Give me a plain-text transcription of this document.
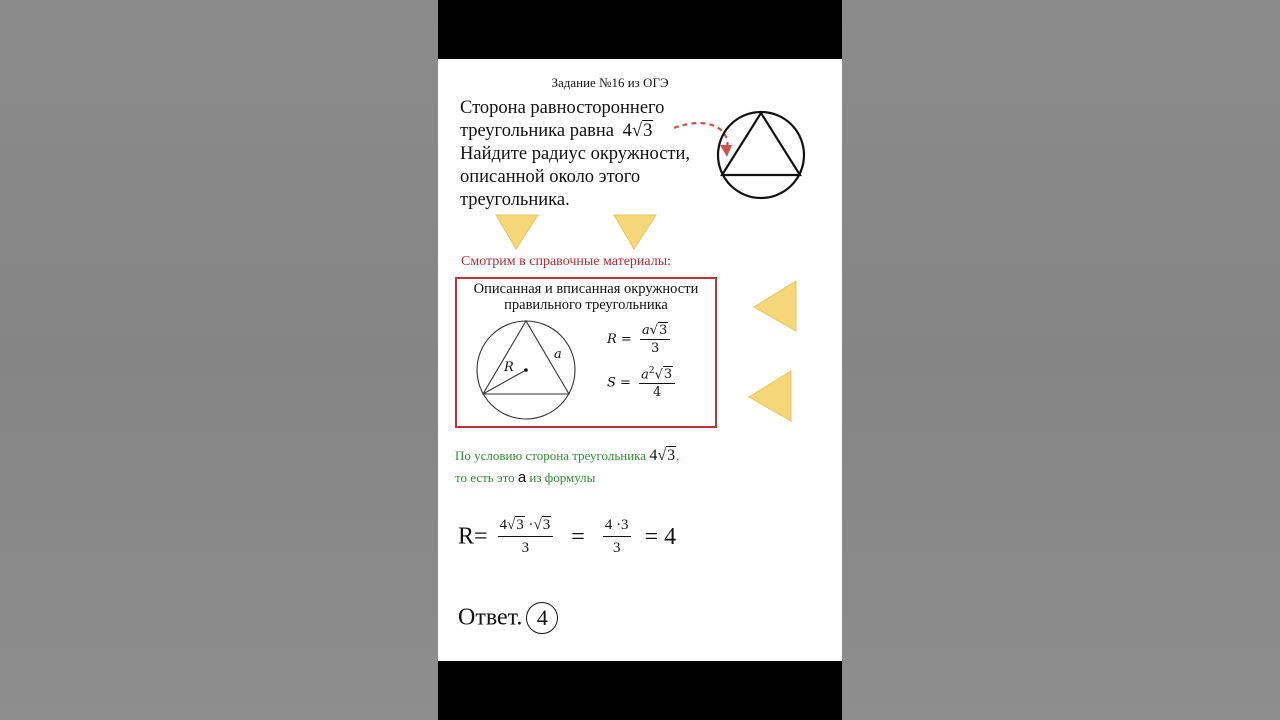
Задание №16 из ОГЭ
Сторона равностороннего
треугольника равна 4√3
Найдите радиус окружности,
описанной около этого
треугольника.
Смотрим в справочные материалы:
Описанная и вписанная окружности
правильного треугольника
R
a
$R = \frac{a√3}{3}$
$S = \frac{a^2√3}{4}$
По условию сторона треугольника 4√3,
то есть это а из формулы
$R= \frac{4√3 \cdot√3}{3} = \frac{4 \cdot 3}{3} = 4$
Ответ. 4
